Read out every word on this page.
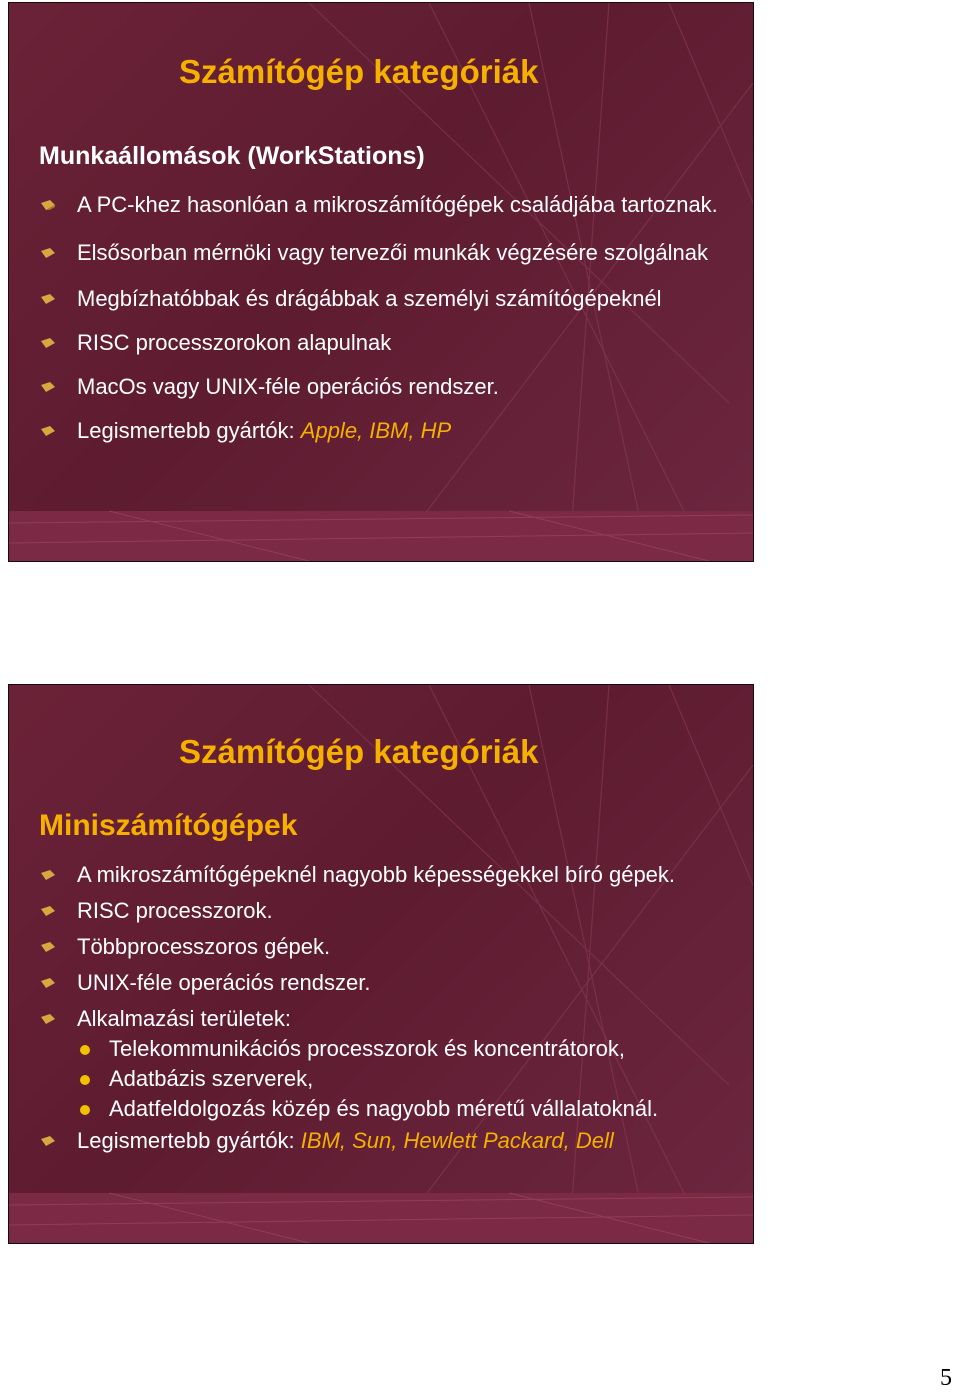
Számítógép kategóriák
Munkaállomások (WorkStations)
A PC-khez hasonlóan a mikroszámítógépek családjába tartoznak.
Elsősorban mérnöki vagy tervezői munkák végzésére szolgálnak
Megbízhatóbbak és drágábbak a személyi számítógépeknél
RISC processzorokon alapulnak
MacOs vagy UNIX-féle operációs rendszer.
Legismertebb gyártók: Apple, IBM, HP
Számítógép kategóriák
Miniszámítógépek
A mikroszámítógépeknél nagyobb képességekkel bíró gépek.
RISC processzorok.
Többprocesszoros gépek.
UNIX-féle operációs rendszer.
Alkalmazási területek:
Telekommunikációs processzorok és koncentrátorok,
Adatbázis szerverek,
Adatfeldolgozás közép és nagyobb méretű vállalatoknál.
Legismertebb gyártók: IBM, Sun, Hewlett Packard, Dell
5
